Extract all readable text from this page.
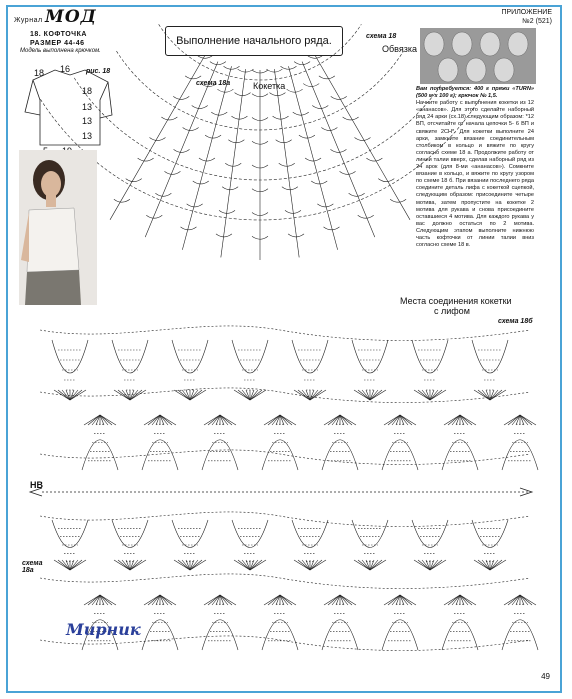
Журнал МОД	ПРИЛОЖЕНИЕ
№2 (521)
18. КОФТОЧКА
РАЗМЕР 44-46
Модель выполнена крючком.
Выполнение начального ряда.	схема 18
Обвязка
рис. 18
схема 18а	Кокетка
18 16
18
13
13
13
Вам потребуется: 400 г пряжи «TURN» (500 м x 100 г); крючок № 1,5.
Начните работу с выполнения кокетки из 12 «ананасов». Для этого сделайте наборный ряд 24 арки (сх.18) следующим образом: *12 ВП, отсчитайте от начала цепочки 5- 6 ВП и свяжите 2СН*. Для кокетки выполните 24 арки, замкните вязание соединительным столбиком в кольцо и вяжите по кругу согласно схеме 18 а. Продолжите работу от линии талии вверх, сделав наборный ряд из 24 арок (для 8-ми «ананасов»). Сомкните вязание в кольцо, и вяжите по кругу узором по схеме 18 б. При вязании последнего ряда соедините деталь лифа с кокеткой сцепкой, следующим образом: присоедините четыре мотива, затем пропустите на кокетке 2 мотива для рукава и снова присоедините оставшиеся 4 мотива. Для каждого рукава у вас должно остаться по 2 мотива. Следующим этапом выполните нижнюю часть кофточки от линии талии вниз согласно схеме 18 в.
Места соединения кокетки
с лифом
схема 18б
НВ
схема
18а
Мирник
49
